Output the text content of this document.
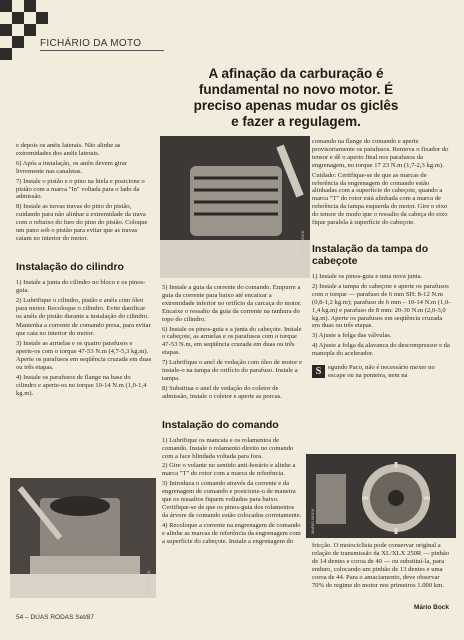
FICHÁRIO DA MOTO
A afinação da carburação é
fundamental no novo motor. É
preciso apenas mudar os giclês
e fazer a regulagem.

e depois os anéis laterais. Não alinhe as extremidades dos anéis laterais.

6) Após a instalação, os anéis devem girar livremente nas canaletas.

7) Instale o pistão e o pino na biela e posicione o pistão com a marca "In" voltada para o lado da admissão.

8) Instale as novas travas do pino do pistão, cuidando para não alinhar a extremidade da trava com o rebaixo do furo do pino do pistão. Coloque um pano sob o pistão para evitar que as travas caiam no interior do motor.

Instalação do cilindro

1) Instale a junta do cilindro no bloco e os pinos-guia.

2) Lubrifique o cilindro, pistão e anéis com óleo para motor. Recoloque o cilindro. Evite danificar os anéis do pistão durante a instalação do cilindro.

Mantenha a corrente de comando presa, para evitar que caia no interior do motor.

3) Instale as arruelas e os quatro parafusos e aperte-os com o torque 47-53 N.m (4,7-5,3 kg.m). Aperte os parafusos em seqüência cruzada em duas ou três etapas.

4) Instale os parafusos de flange na base do cilindro e aperte-os no torque 10-14 N.m (1,0-1,4 kg.m).

MARIO BOCK
MARIO BOCK

5) Instale a guia da corrente do comando. Empurre a guia da corrente para baixo até encaixar a extremidade inferior no orifício da carcaça do motor. Encaixe o ressalto da guia da corrente na ranhura do topo do cilindro.

6) Instale os pinos-guia e a junta do cabeçote. Instale o cabeçote, as arruelas e os parafusos com o torque 47-53 N.m, em seqüência cruzada em duas ou três etapas.

7) Lubrifique o anel de vedação com óleo de motor e instale-o na tampa do orifício do parafuso. Instale a tampa.

8) Substitua o anel de vedação do coletor de admissão, instale o coletor e aperte as porcas.

Instalação do comando

1) Lubrifique os mancais e os rolamentos de comando. Instale o rolamento direito no comando com a face blindada voltada para fora.

2) Gire o volante no sentido anti-horário e alinhe a marca "T" do rotor com a marca de referência.

3) Introduza o comando através da corrente e da engrenagem de comando e posicione-o de maneira que os ressaltos fiquem voltados para baixo. Certifique-se de que os pinos-guia dos rolamentos da árvore de comando estão colocados corretamente.

4) Recoloque a corrente na engrenagem de comando e alinhe as marcas de referência da engrenagem com a superfície do cabeçote. Instale a engrenagem do

comando na flange do comando e aperte provisoriamente os parafusos. Remova o fixador do tensor e dê o aperto final nos parafusos da engrenagem, no torque 17 23 N.m (1,7-2,3 kg.m).

Cuidado: Certifique-se de que as marcas de referência da engrenagem do comando estão alinhadas com a superfície do cabeçote, quando a marca "T" do rotor está alinhada com a marca de referência da tampa esquerda do motor. Gire o eixo do tensor de modo que o ressalto da cabeça do eixo fique paralela à superfície do cabeçote.

Instalação da tampa do cabeçote

1) Instale os pinos-guia e uma nova junta.

2) Instale a tampa do cabeçote e aperte os parafusos com o torque — parafuso de 6 mm SH: 8-12 N.m (0,8-1,2 kg.m); parafuso de 6 mm – 10-14 N.m (1,0-1,4 kg.m) e parafuso de 8 mm: 20-30 N.m (2,0-3,0 kg.m). Aperte os parafusos em seqüência cruzada em duas ou três etapas.

3) Ajuste a folga das válvulas.

4) Ajuste a folga da alavanca do descompressor e da manopla do acelerador.

S	egundo Paco, não é necessário mexer no escape ou na ponteira, nem na

MARIO BOCK

fricção. O motociclista pode conservar original a relação de transmissão da XL/XLX 250R — pinhão de 14 dentes e coroa de 40 — ou substituí-la, para enduro, colocando um pinhão de 13 dentes e uma coroa de 44. Para o amaciamento, deve observar 70% do regime do motor nos primeiros 1.000 km.

Mário Bock
54 – DUAS RODAS Set/87
